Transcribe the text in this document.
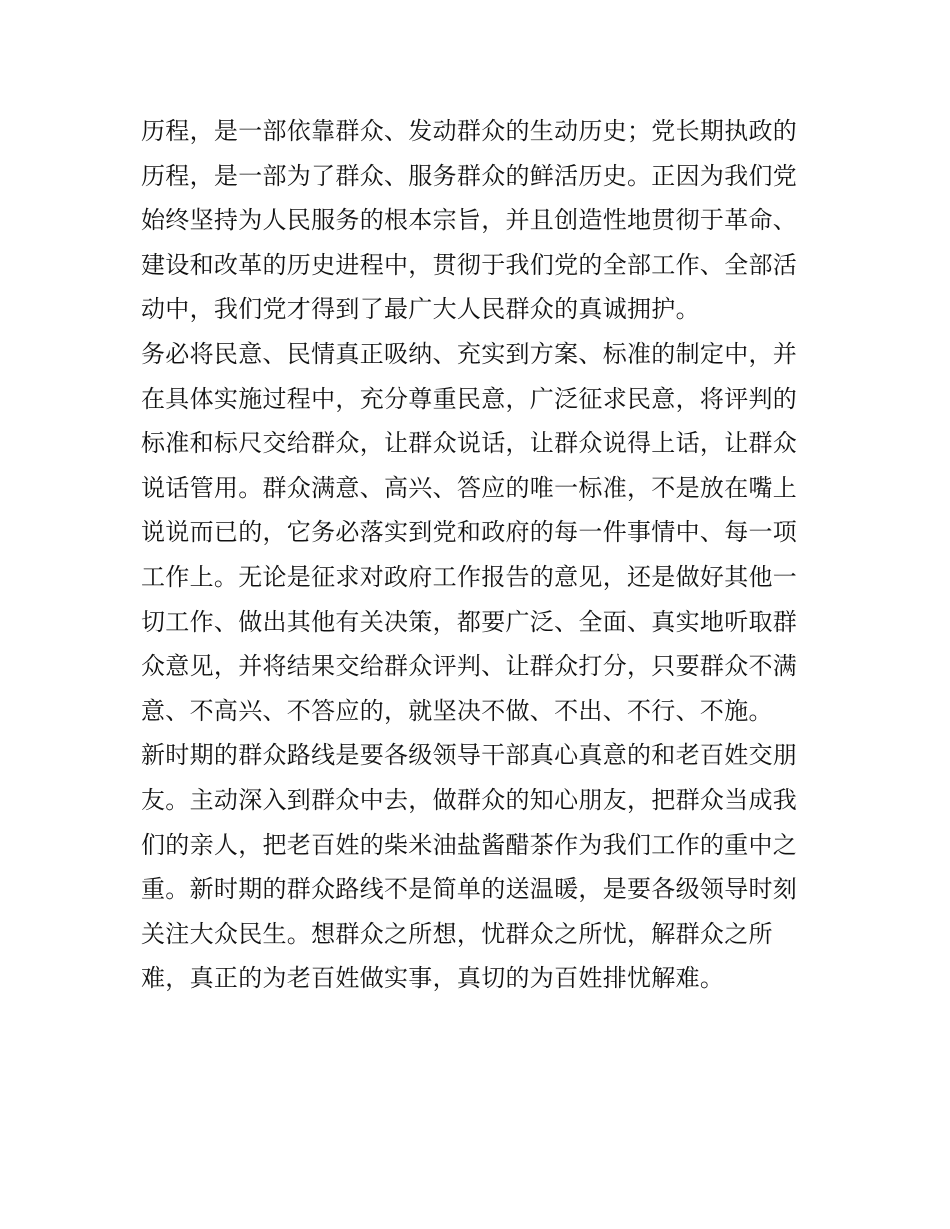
历程，是一部依靠群众、发动群众的生动历史；党长期执政的
历程，是一部为了群众、服务群众的鲜活历史。正因为我们党
始终坚持为人民服务的根本宗旨，并且创造性地贯彻于革命、
建设和改革的历史进程中，贯彻于我们党的全部工作、全部活
动中，我们党才得到了最广大人民群众的真诚拥护。
务必将民意、民情真正吸纳、充实到方案、标准的制定中，并
在具体实施过程中，充分尊重民意，广泛征求民意，将评判的
标准和标尺交给群众，让群众说话，让群众说得上话，让群众
说话管用。群众满意、高兴、答应的唯一标准，不是放在嘴上
说说而已的，它务必落实到党和政府的每一件事情中、每一项
工作上。无论是征求对政府工作报告的意见，还是做好其他一
切工作、做出其他有关决策，都要广泛、全面、真实地听取群
众意见，并将结果交给群众评判、让群众打分，只要群众不满
意、不高兴、不答应的，就坚决不做、不出、不行、不施。
新时期的群众路线是要各级领导干部真心真意的和老百姓交朋
友。主动深入到群众中去，做群众的知心朋友，把群众当成我
们的亲人，把老百姓的柴米油盐酱醋茶作为我们工作的重中之
重。新时期的群众路线不是简单的送温暖，是要各级领导时刻
关注大众民生。想群众之所想，忧群众之所忧，解群众之所
难，真正的为老百姓做实事，真切的为百姓排忧解难。
